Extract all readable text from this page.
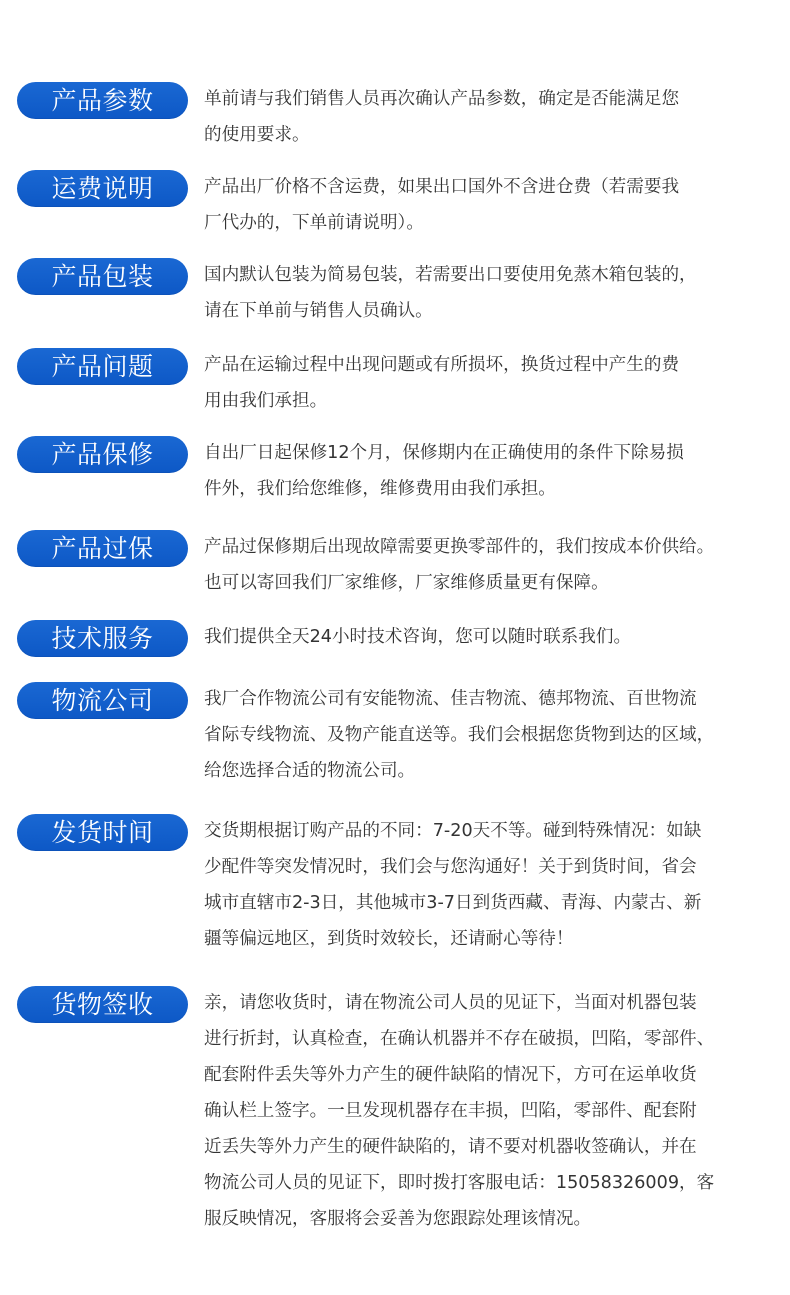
产品参数	单前请与我们销售人员再次确认产品参数，确定是否能满足您
的使用要求。
运费说明	产品出厂价格不含运费，如果出口国外不含进仓费（若需要我
厂代办的，下单前请说明）。
产品包装	国内默认包装为简易包装，若需要出口要使用免蒸木箱包装的，
请在下单前与销售人员确认。
产品问题	产品在运输过程中出现问题或有所损坏，换货过程中产生的费
用由我们承担。
产品保修	自出厂日起保修12个月，保修期内在正确使用的条件下除易损
件外，我们给您维修，维修费用由我们承担。
产品过保	产品过保修期后出现故障需要更换零部件的，我们按成本价供给。
也可以寄回我们厂家维修，厂家维修质量更有保障。
技术服务	我们提供全天24小时技术咨询，您可以随时联系我们。
物流公司	我厂合作物流公司有安能物流、佳吉物流、德邦物流、百世物流
省际专线物流、及物产能直送等。我们会根据您货物到达的区域，
给您选择合适的物流公司。
发货时间	交货期根据订购产品的不同：7-20天不等。碰到特殊情况：如缺
少配件等突发情况时，我们会与您沟通好！关于到货时间，省会
城市直辖市2-3日，其他城市3-7日到货西藏、青海、内蒙古、新
疆等偏远地区，到货时效较长，还请耐心等待！
货物签收	亲，请您收货时，请在物流公司人员的见证下，当面对机器包装
进行折封，认真检查，在确认机器并不存在破损，凹陷，零部件、
配套附件丢失等外力产生的硬件缺陷的情况下，方可在运单收货
确认栏上签字。一旦发现机器存在丰损，凹陷，零部件、配套附
近丢失等外力产生的硬件缺陷的，请不要对机器收签确认，并在
物流公司人员的见证下，即时拨打客服电话：15058326009，客
服反映情况，客服将会妥善为您跟踪处理该情况。
